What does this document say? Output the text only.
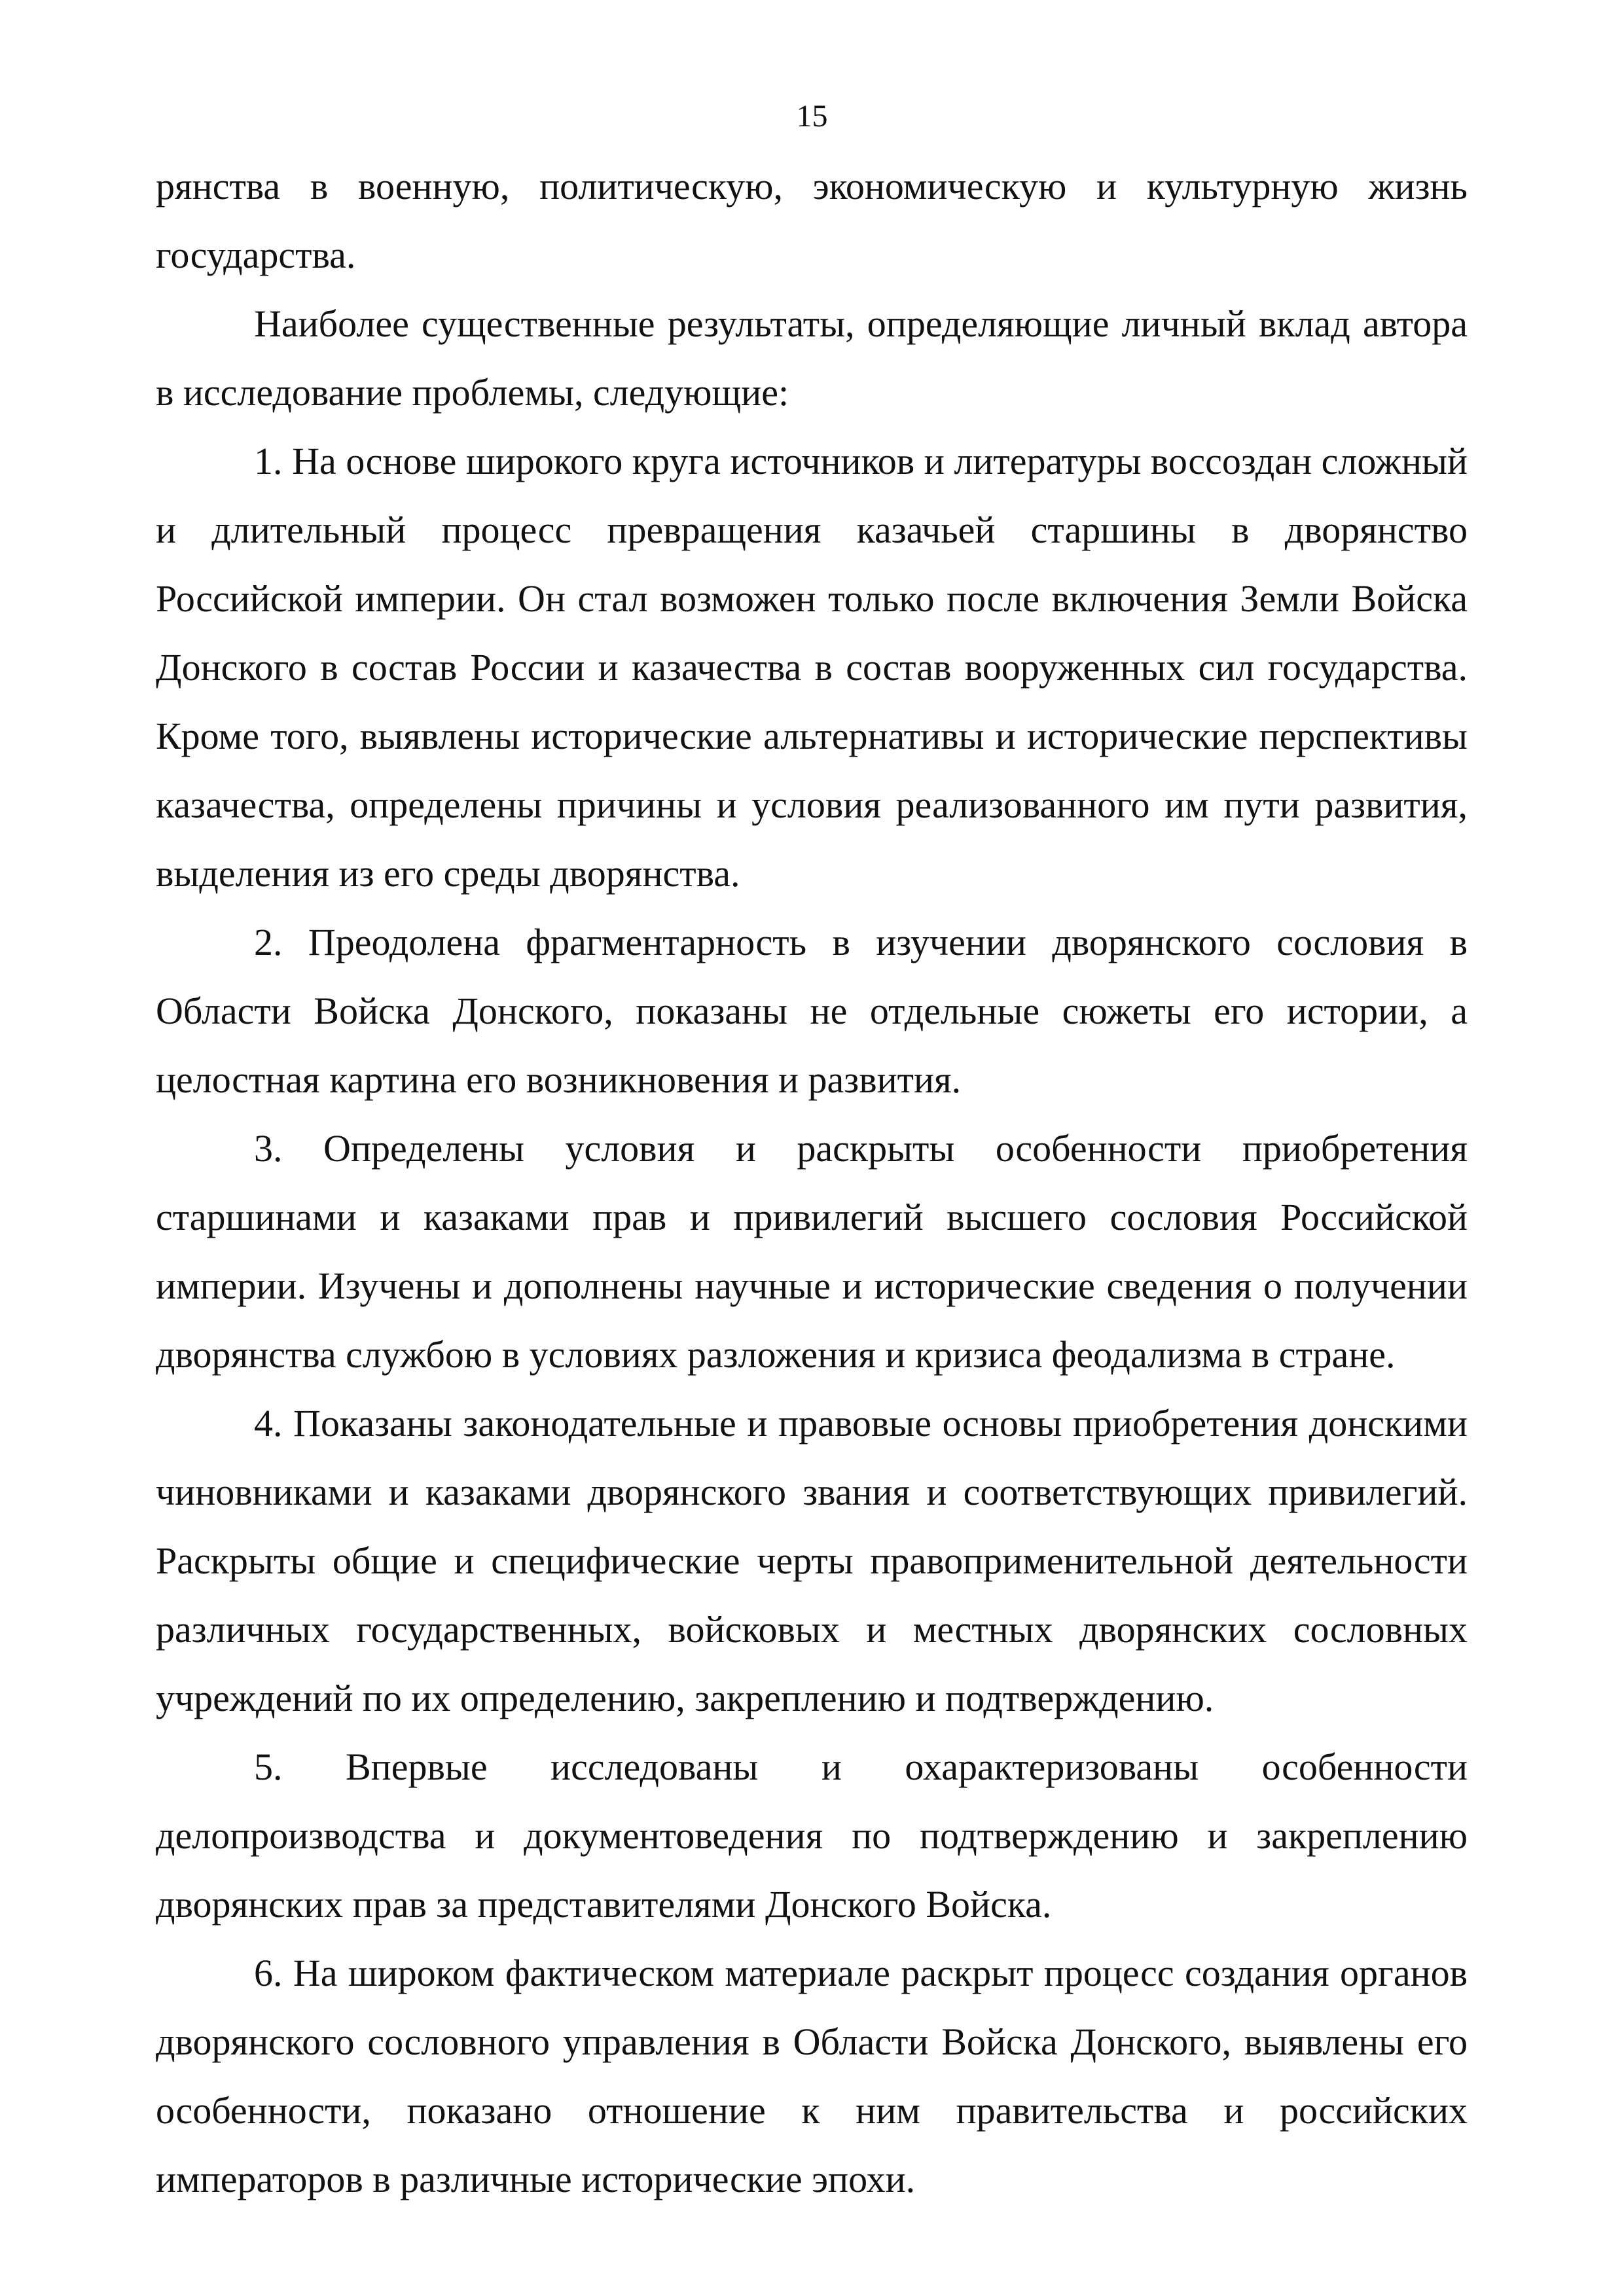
15

рянства в военную, политическую, экономическую и культурную жизнь государства.

Наиболее существенные результаты, определяющие личный вклад автора в исследование проблемы, следующие:

1. На основе широкого круга источников и литературы воссоздан сложный и длительный процесс превращения казачьей старшины в дворянство Российской империи. Он стал возможен только после включения Земли Войска Донского в состав России и казачества в состав вооруженных сил государства. Кроме того, выявлены исторические альтернативы и исторические перспективы казачества, определены причины и условия реализованного им пути развития, выделения из его среды дворянства.

2. Преодолена фрагментарность в изучении дворянского сословия в Области Войска Донского, показаны не отдельные сюжеты его истории, а целостная картина его возникновения и развития.

3. Определены условия и раскрыты особенности приобретения старшинами и казаками прав и привилегий высшего сословия Российской империи. Изучены и дополнены научные и исторические сведения о получении дворянства службою в условиях разложения и кризиса феодализма в стране.

4. Показаны законодательные и правовые основы приобретения донскими чиновниками и казаками дворянского звания и соответствующих привилегий. Раскрыты общие и специфические черты правоприменительной деятельности различных государственных, войсковых и местных дворянских сословных учреждений по их определению, закреплению и подтверждению.

5. Впервые исследованы и охарактеризованы особенности делопроизводства и документоведения по подтверждению и закреплению дворянских прав за представителями Донского Войска.

6. На широком фактическом материале раскрыт процесс создания органов дворянского сословного управления в Области Войска Донского, выявлены его особенности, показано отношение к ним правительства и российских императоров в различные исторические эпохи.
